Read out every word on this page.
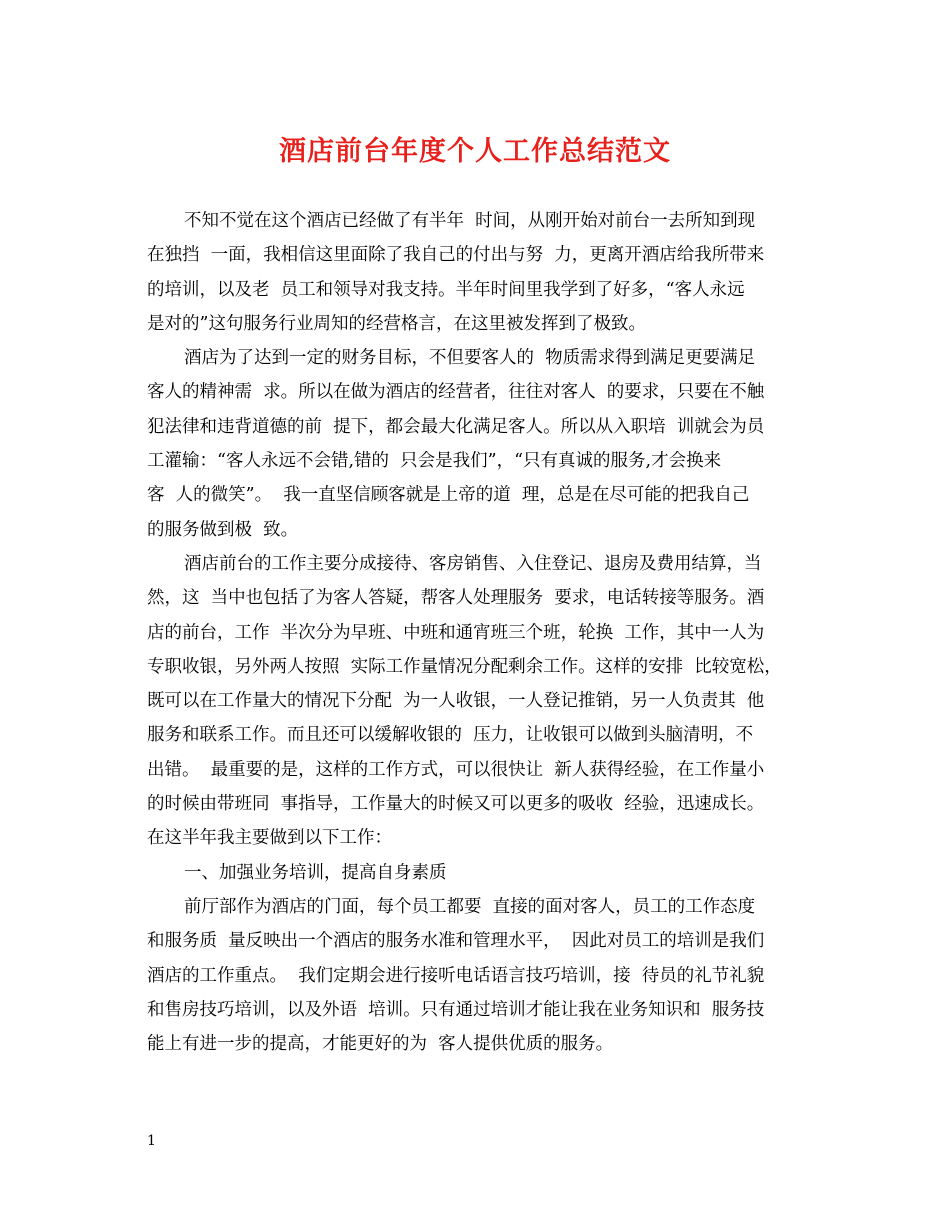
酒店前台年度个人工作总结范文
不知不觉在这个酒店已经做了有半年  时间，从刚开始对前台一去所知到现
在独挡  一面，我相信这里面除了我自己的付出与努  力，更离开酒店给我所带来
的培训，以及老  员工和领导对我支持。半年时间里我学到了好多，“客人永远
是对的”这句服务行业周知的经营格言，在这里被发挥到了极致。
酒店为了达到一定的财务目标，不但要客人的  物质需求得到满足更要满足
客人的精神需  求。所以在做为酒店的经营者，往往对客人  的要求，只要在不触
犯法律和违背道德的前  提下，都会最大化满足客人。所以从入职培  训就会为员
工灌输：“客人永远不会错,错的  只会是我们”，“只有真诚的服务,才会换来
客  人的微笑”。  我一直坚信顾客就是上帝的道  理，总是在尽可能的把我自己
的服务做到极  致。
酒店前台的工作主要分成接待、客房销售、入住登记、退房及费用结算，当
然，这  当中也包括了为客人答疑，帮客人处理服务  要求，电话转接等服务。酒
店的前台，工作  半次分为早班、中班和通宵班三个班，轮换  工作，其中一人为
专职收银，另外两人按照  实际工作量情况分配剩余工作。这样的安排  比较宽松，
既可以在工作量大的情况下分配  为一人收银，一人登记推销，另一人负责其  他
服务和联系工作。而且还可以缓解收银的  压力，让收银可以做到头脑清明，不
出错。  最重要的是，这样的工作方式，可以很快让  新人获得经验，在工作量小
的时候由带班同  事指导，工作量大的时候又可以更多的吸收  经验，迅速成长。
在这半年我主要做到以下工作：
一、加强业务培训，提高自身素质
前厅部作为酒店的门面，每个员工都要  直接的面对客人，员工的工作态度
和服务质  量反映出一个酒店的服务水准和管理水平，  因此对员工的培训是我们
酒店的工作重点。  我们定期会进行接听电话语言技巧培训，接  待员的礼节礼貌
和售房技巧培训，以及外语  培训。只有通过培训才能让我在业务知识和  服务技
能上有进一步的提高，才能更好的为  客人提供优质的服务。
1
